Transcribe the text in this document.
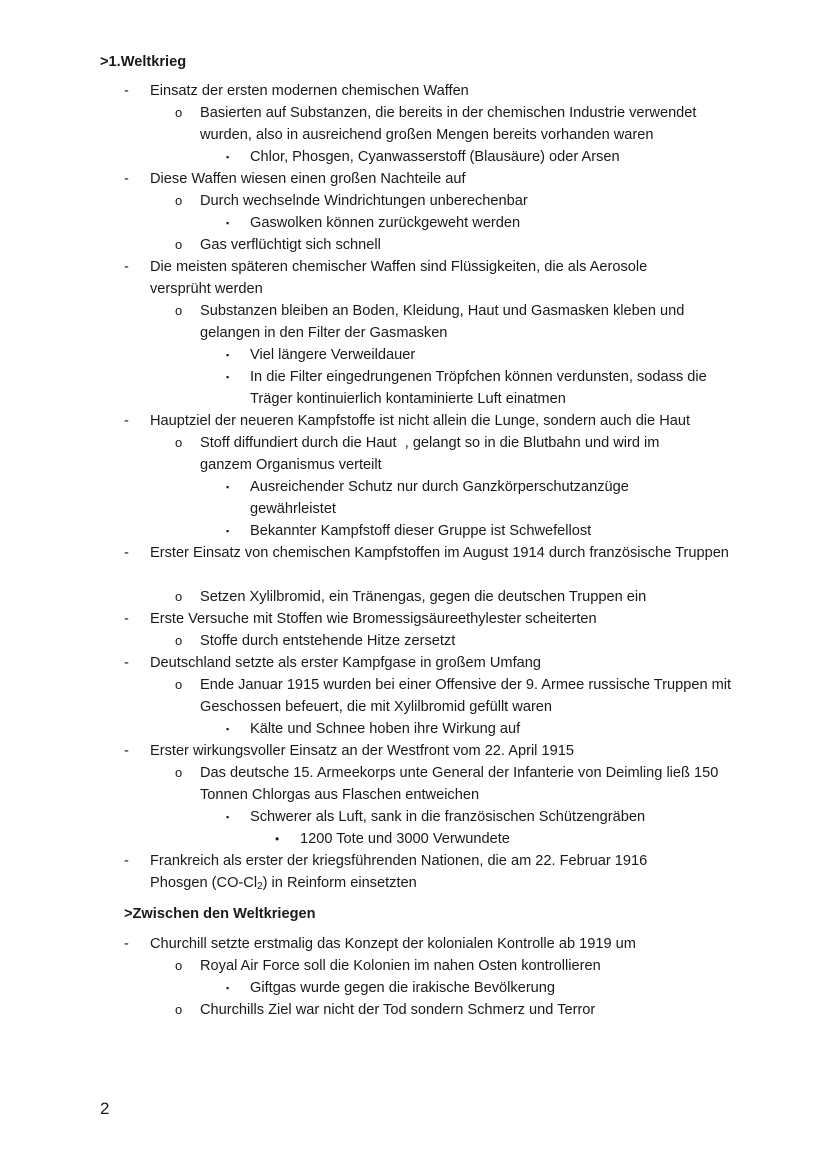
>1.Weltkrieg
- Einsatz der ersten modernen chemischen Waffen
o Basierten auf Substanzen, die bereits in der chemischen Industrie verwendet wurden, also in ausreichend großen Mengen bereits vorhanden waren
▪ Chlor, Phosgen, Cyanwasserstoff (Blausäure) oder Arsen
- Diese Waffen wiesen einen großen Nachteile auf
o Durch wechselnde Windrichtungen unberechenbar
▪ Gaswolken können zurückgeweht werden
o Gas verflüchtigt sich schnell
- Die meisten späteren chemischer Waffen sind Flüssigkeiten, die als Aerosole versprüht werden
o Substanzen bleiben an Boden, Kleidung, Haut und Gasmasken kleben und gelangen in den Filter der Gasmasken
▪ Viel längere Verweildauer
▪ In die Filter eingedrungenen Tröpfchen können verdunsten, sodass die Träger kontinuierlich kontaminierte Luft einatmen
- Hauptziel der neueren Kampfstoffe ist nicht allein die Lunge, sondern auch die Haut
o Stoff diffundiert durch die Haut  , gelangt so in die Blutbahn und wird im ganzem Organismus verteilt
▪ Ausreichender Schutz nur durch Ganzkörperschutzanzüge gewährleistet
▪ Bekannter Kampfstoff dieser Gruppe ist Schwefellost
- Erster Einsatz von chemischen Kampfstoffen im August 1914 durch französische Truppen
o Setzen Xylilbromid, ein Tränengas, gegen die deutschen Truppen ein
- Erste Versuche mit Stoffen wie Bromessigsäureethylester scheiterten
o Stoffe durch entstehende Hitze zersetzt
- Deutschland setzte als erster Kampfgase in großem Umfang
o Ende Januar 1915 wurden bei einer Offensive der 9. Armee russische Truppen mit Geschossen befeuert, die mit Xylilbromid gefüllt waren
▪ Kälte und Schnee hoben ihre Wirkung auf
- Erster wirkungsvoller Einsatz an der Westfront vom 22. April 1915
o Das deutsche 15. Armeekorps unte General der Infanterie von Deimling ließ 150 Tonnen Chlorgas aus Flaschen entweichen
▪ Schwerer als Luft, sank in die französischen Schützengräben
• 1200 Tote und 3000 Verwundete
- Frankreich als erster der kriegsführenden Nationen, die am 22. Februar 1916
Phosgen (CO-Cl2) in Reinform einsetzten
>Zwischen den Weltkriegen
- Churchill setzte erstmalig das Konzept der kolonialen Kontrolle ab 1919 um
o Royal Air Force soll die Kolonien im nahen Osten kontrollieren
▪ Giftgas wurde gegen die irakische Bevölkerung
o Churchills Ziel war nicht der Tod sondern Schmerz und Terror
2
